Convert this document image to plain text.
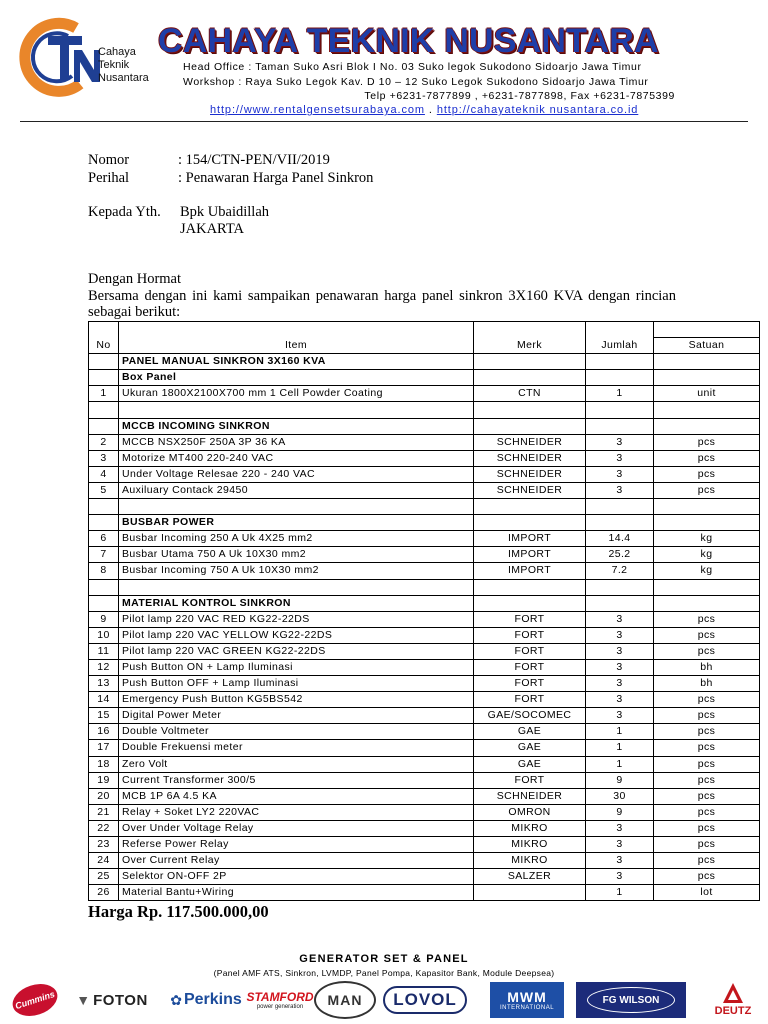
Cahaya
Teknik
Nusantara
CAHAYA TEKNIK NUSANTARA
Head Office : Taman Suko Asri Blok I No. 03 Suko legok Sukodono Sidoarjo Jawa Timur
Workshop : Raya Suko Legok Kav. D 10 – 12 Suko Legok Sukodono Sidoarjo Jawa Timur
Telp +6231-7877899 , +6231-7877898, Fax +6231-7875399
http://www.rentalgensetsurabaya.com . http://cahayateknik nusantara.co.id
Nomor	: 154/CTN-PEN/VII/2019
Perihal	: Penawaran Harga Panel Sinkron
Kepada Yth. Bpk Ubaidillah
JAKARTA
Dengan Hormat
Bersama dengan ini kami sampaikan penawaran harga panel sinkron 3X160 KVA dengan rincian sebagai berikut:

No	Item	Merk	Jumlah	Satuan
	PANEL MANUAL SINKRON 3X160 KVA			
	Box Panel			
1	Ukuran 1800X2100X700 mm 1 Cell Powder Coating	CTN	1	unit

	MCCB INCOMING SINKRON			
2	MCCB NSX250F 250A 3P 36 KA	SCHNEIDER	3	pcs
3	Motorize MT400 220-240 VAC	SCHNEIDER	3	pcs
4	Under Voltage Relesae 220 - 240 VAC	SCHNEIDER	3	pcs
5	Auxiluary Contack 29450	SCHNEIDER	3	pcs

	BUSBAR POWER			
6	Busbar Incoming 250 A Uk 4X25 mm2	IMPORT	14.4	kg
7	Busbar Utama 750 A Uk 10X30 mm2	IMPORT	25.2	kg
8	Busbar Incoming 750 A Uk 10X30 mm2	IMPORT	7.2	kg

	MATERIAL KONTROL SINKRON			
9	Pilot lamp 220 VAC RED KG22-22DS	FORT	3	pcs
10	Pilot lamp 220 VAC YELLOW KG22-22DS	FORT	3	pcs
11	Pilot lamp 220 VAC GREEN KG22-22DS	FORT	3	pcs
12	Push Button ON + Lamp Iluminasi	FORT	3	bh
13	Push Button OFF + Lamp Iluminasi	FORT	3	bh
14	Emergency Push Button KG5BS542	FORT	3	pcs
15	Digital Power Meter	GAE/SOCOMEC	3	pcs
16	Double Voltmeter	GAE	1	pcs
17	Double Frekuensi meter	GAE	1	pcs
18	Zero Volt	GAE	1	pcs
19	Current Transformer 300/5	FORT	9	pcs
20	MCB 1P 6A 4.5 KA	SCHNEIDER	30	pcs
21	Relay + Soket LY2 220VAC	OMRON	9	pcs
22	Over Under Voltage Relay	MIKRO	3	pcs
23	Referse Power Relay	MIKRO	3	pcs
24	Over Current Relay	MIKRO	3	pcs
25	Selektor ON-OFF 2P	SALZER	3	pcs
26	Material Bantu+Wiring		1	lot
Harga Rp. 117.500.000,00
GENERATOR SET & PANEL
(Panel AMF ATS, Sinkron, LVMDP, Panel Pompa, Kapasitor Bank, Module Deepsea)
Cummins ▼ FOTON ✿ Perkins STAMFORD
power generation MAN	LOVOL	MWM
INTERNATIONAL
FG WILSON
DEUTZ
